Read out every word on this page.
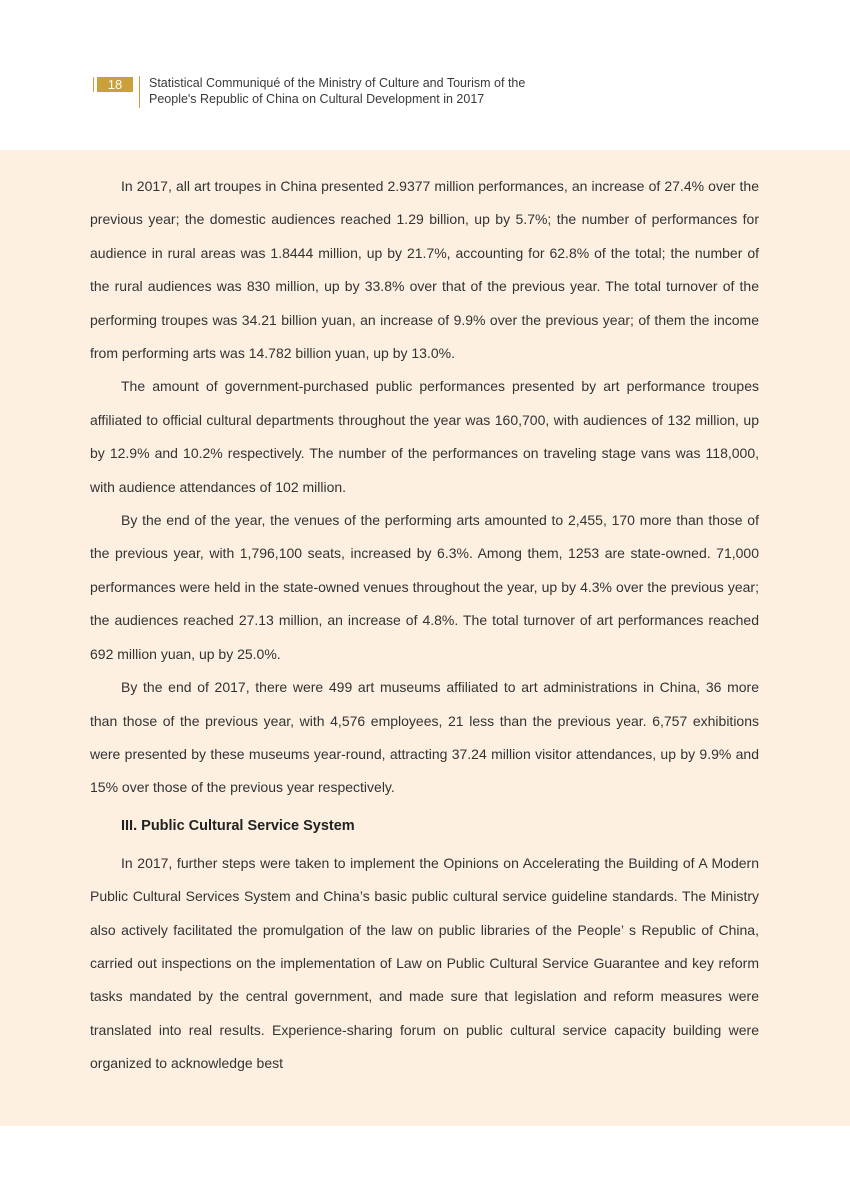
18	Statistical Communiqué of the Ministry of Culture and Tourism of the
People's Republic of China on Cultural Development in 2017

In 2017, all art troupes in China presented 2.9377 million performances, an increase of 27.4% over the previous year; the domestic audiences reached 1.29 billion, up by 5.7%; the number of performances for audience in rural areas was 1.8444 million, up by 21.7%, accounting for 62.8% of the total; the number of the rural audiences was 830 million, up by 33.8% over that of the previous year. The total turnover of the performing troupes was 34.21 billion yuan, an increase of 9.9% over the previous year; of them the income from performing arts was 14.782 billion yuan, up by 13.0%.

The amount of government-purchased public performances presented by art performance troupes affiliated to official cultural departments throughout the year was 160,700, with audiences of 132 million, up by 12.9% and 10.2% respectively. The number of the performances on traveling stage vans was 118,000, with audience attendances of 102 million.

By the end of the year, the venues of the performing arts amounted to 2,455, 170 more than those of the previous year, with 1,796,100 seats, increased by 6.3%. Among them, 1253 are state-owned. 71,000 performances were held in the state-owned venues throughout the year, up by 4.3% over the previous year; the audiences reached 27.13 million, an increase of 4.8%. The total turnover of art performances reached 692 million yuan, up by 25.0%.

By the end of 2017, there were 499 art museums affiliated to art administrations in China, 36 more than those of the previous year, with 4,576 employees, 21 less than the previous year. 6,757 exhibitions were presented by these museums year-round, attracting 37.24 million visitor attendances, up by 9.9% and 15% over those of the previous year respectively.

III. Public Cultural Service System

In 2017, further steps were taken to implement the Opinions on Accelerating the Building of A Modern Public Cultural Services System and China’s basic public cultural service guideline standards. The Ministry also actively facilitated the promulgation of the law on public libraries of the People’ s Republic of China, carried out inspections on the implementation of Law on Public Cultural Service Guarantee and key reform tasks mandated by the central government, and made sure that legislation and reform measures were translated into real results. Experience-sharing forum on public cultural service capacity building were organized to acknowledge best
